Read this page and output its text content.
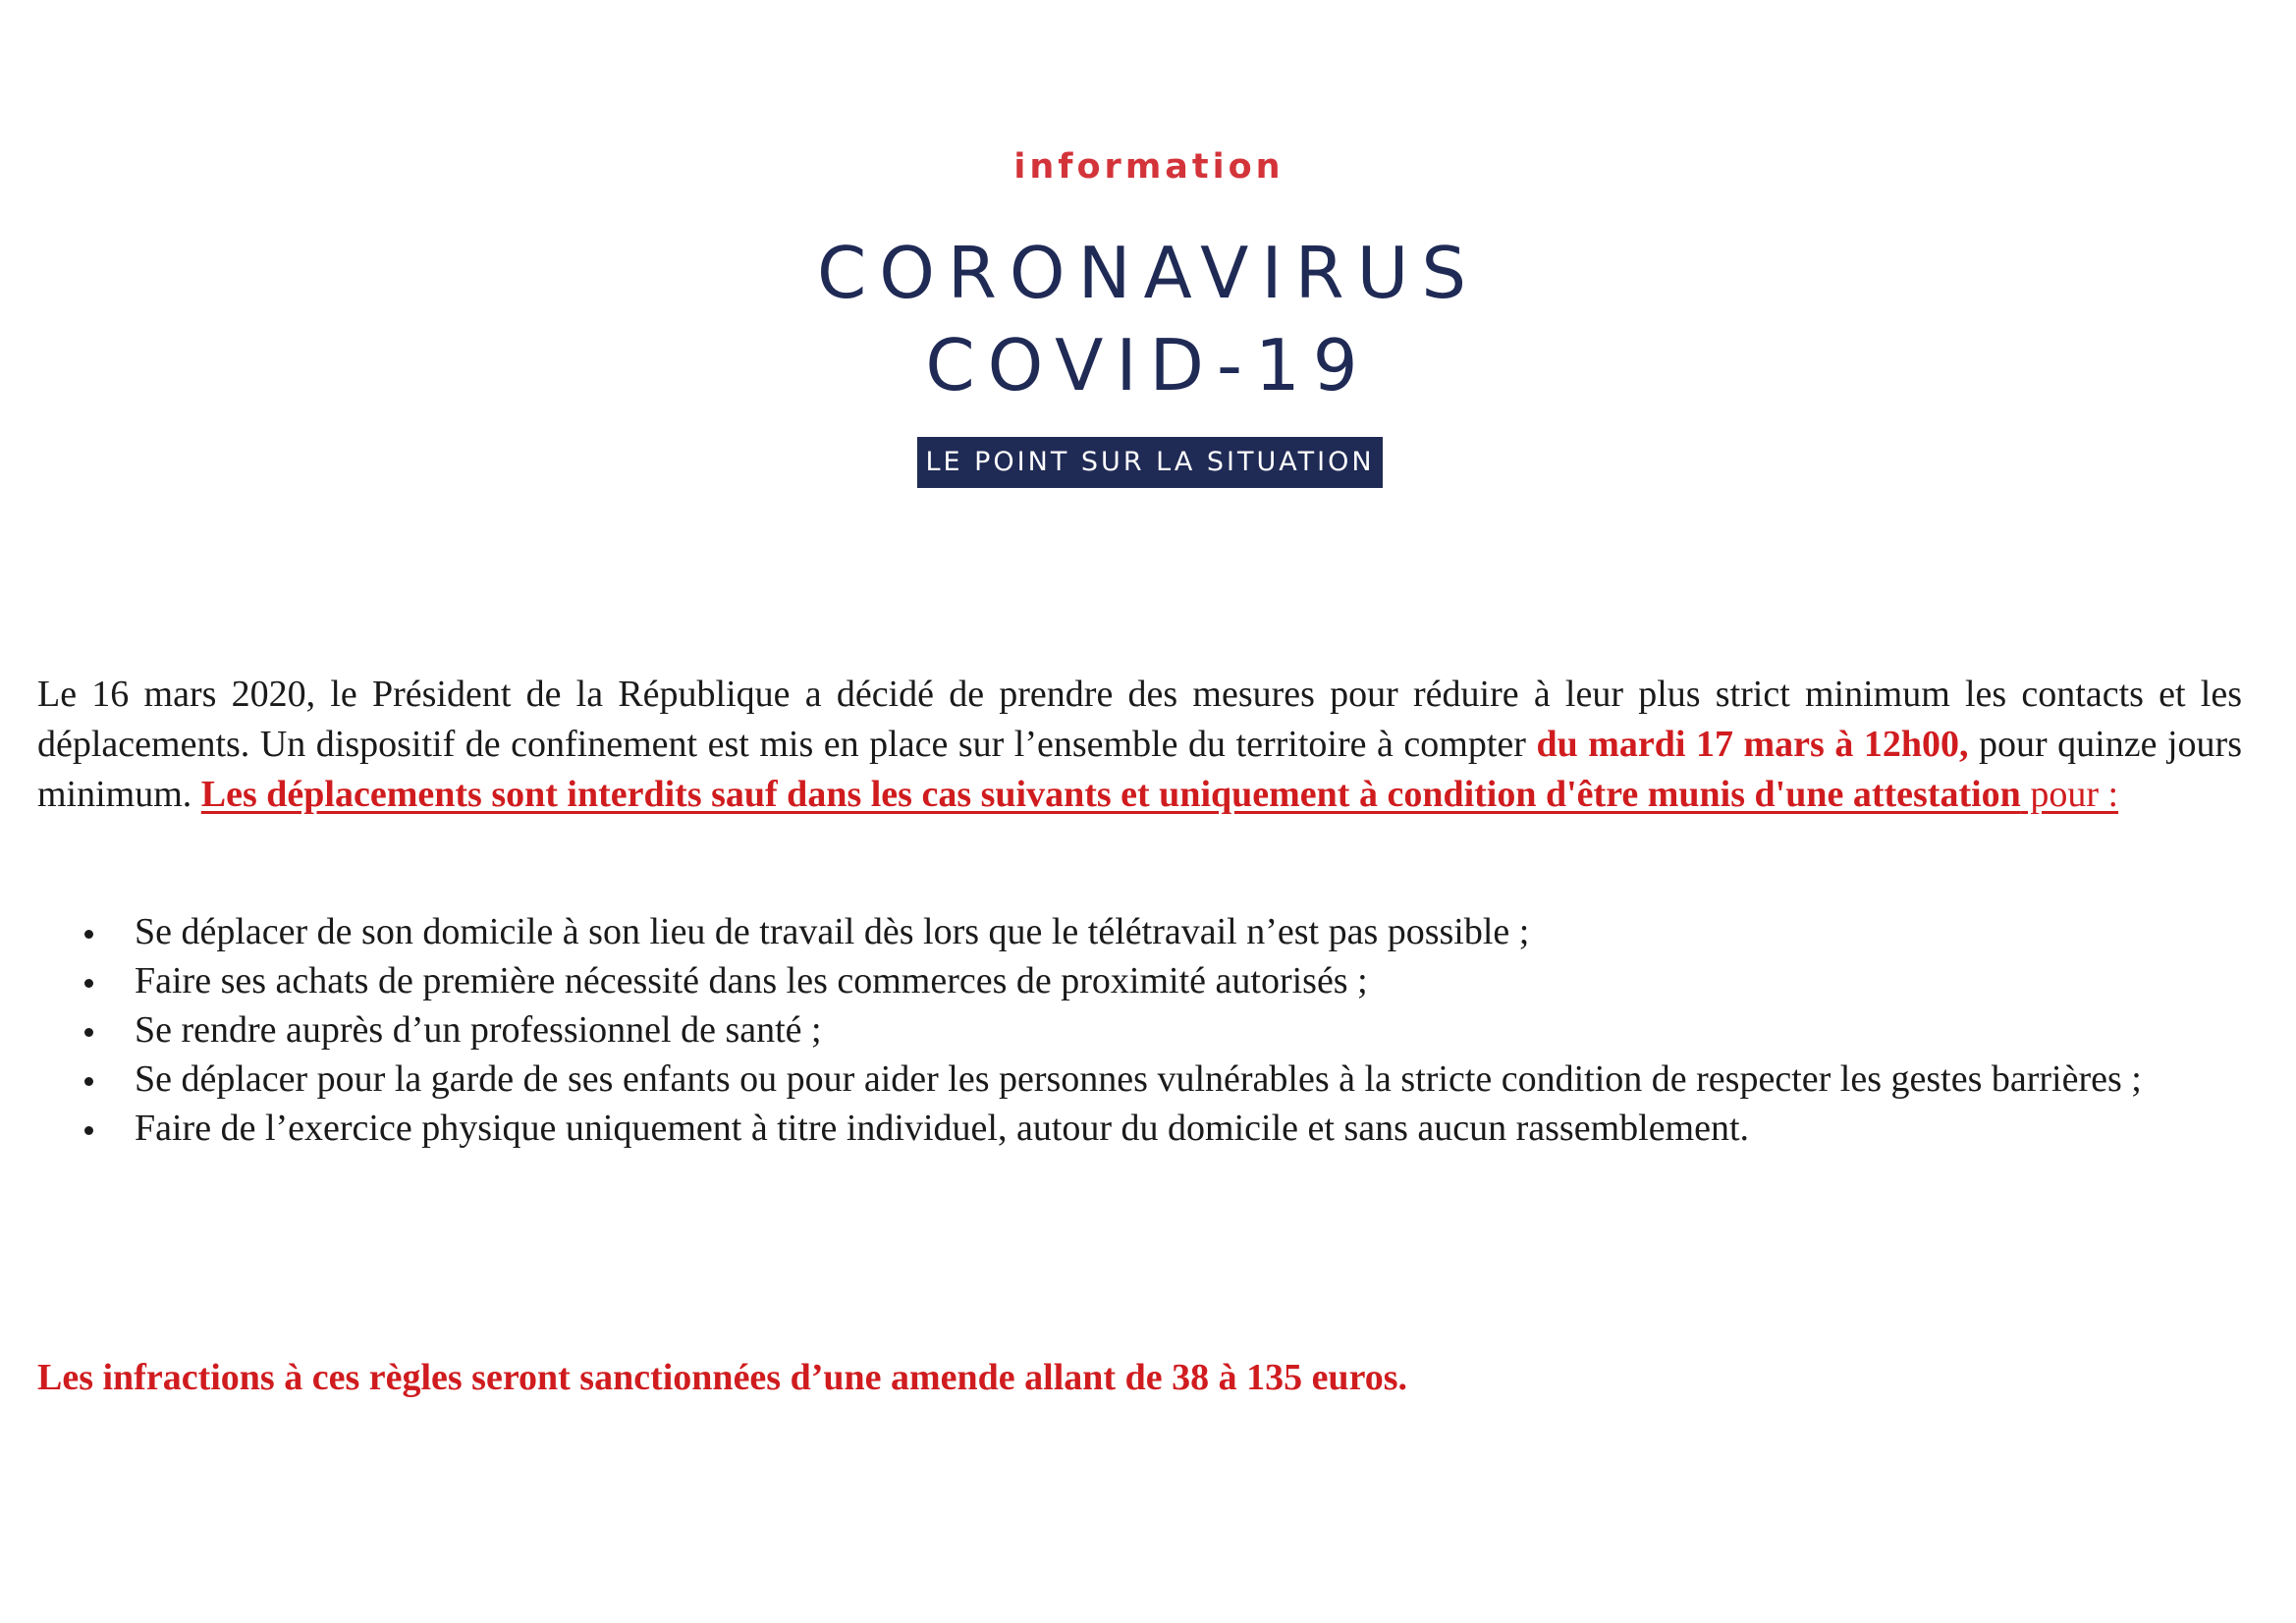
information
CORONAVIRUS
COVID-19
LE POINT SUR LA SITUATION

Le 16 mars 2020, le Président de la République a décidé de prendre des mesures pour réduire à leur plus strict minimum les contacts et les déplacements. Un dispositif de confinement est mis en place sur l’ensemble du territoire à compter du mardi 17 mars à 12h00, pour quinze jours minimum. Les déplacements sont interdits sauf dans les cas suivants et uniquement à condition d'être munis d'une attestation pour :

Se déplacer de son domicile à son lieu de travail dès lors que le télétravail n’est pas possible ;
Faire ses achats de première nécessité dans les commerces de proximité autorisés ;
Se rendre auprès d’un professionnel de santé ;
Se déplacer pour la garde de ses enfants ou pour aider les personnes vulnérables à la stricte condition de respecter les gestes barrières ;
Faire de l’exercice physique uniquement à titre individuel, autour du domicile et sans aucun rassemblement.

Les infractions à ces règles seront sanctionnées d’une amende allant de 38 à 135 euros.
